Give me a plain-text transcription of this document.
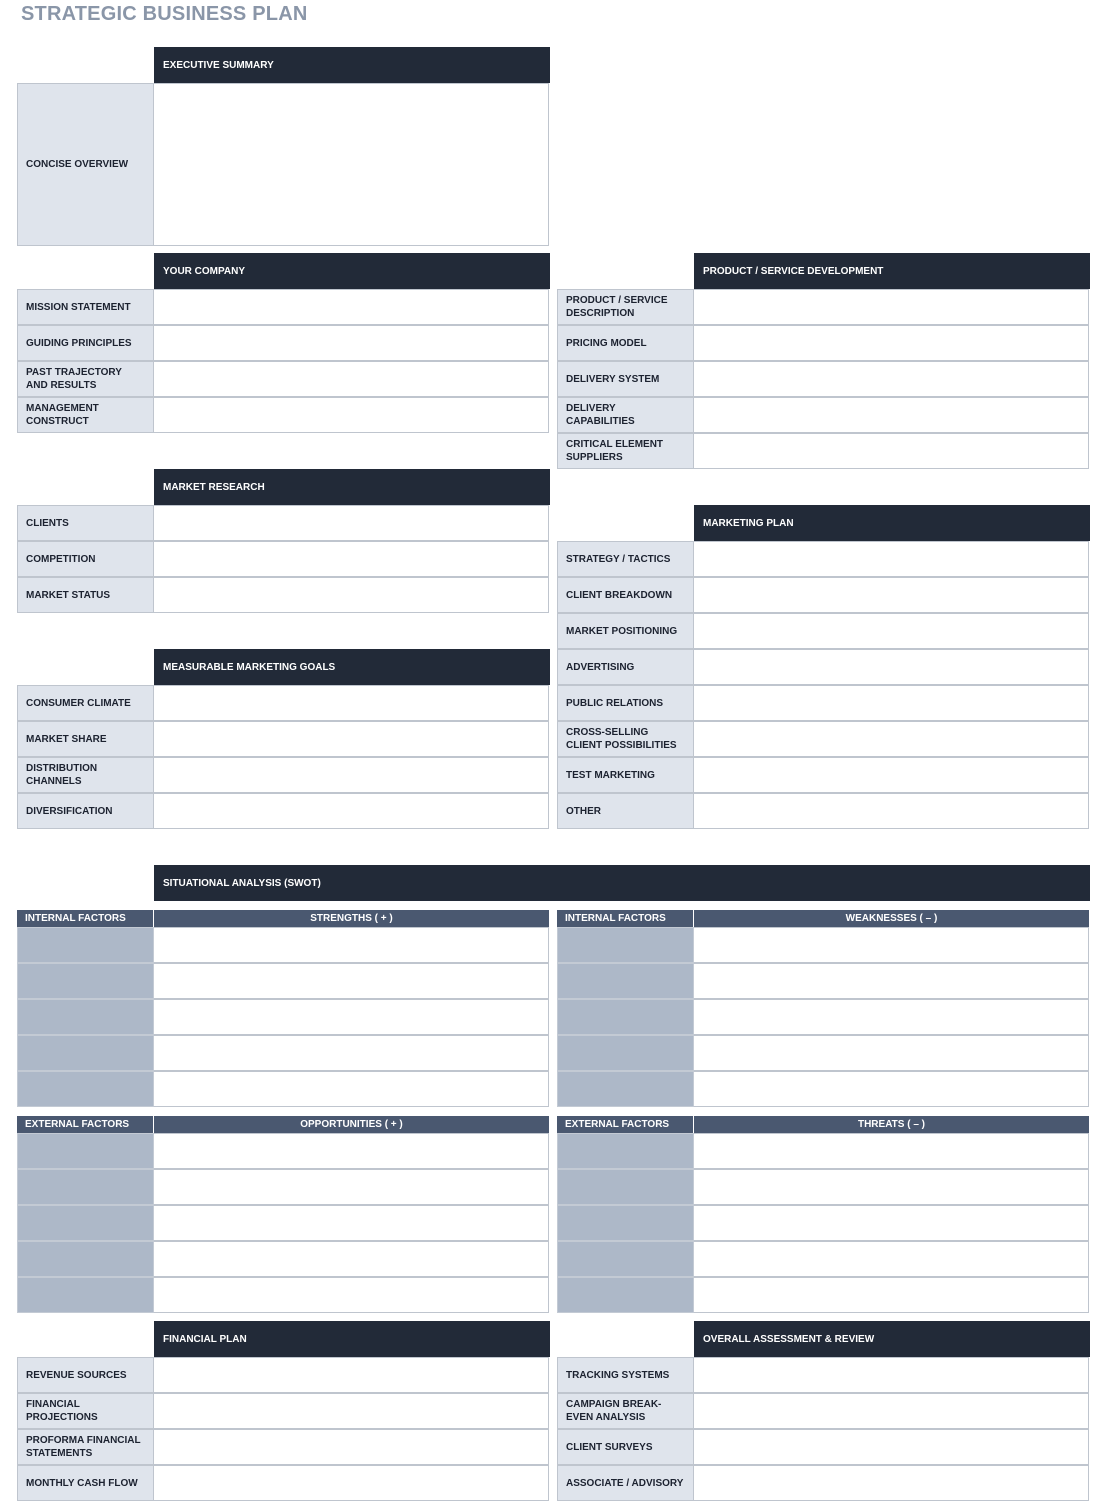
STRATEGIC BUSINESS PLAN
EXECUTIVE SUMMARY
CONCISE OVERVIEW
YOUR COMPANY
MISSION STATEMENT
GUIDING PRINCIPLES
PAST TRAJECTORY AND RESULTS
MANAGEMENT CONSTRUCT
PRODUCT / SERVICE DEVELOPMENT
PRODUCT / SERVICE DESCRIPTION
PRICING MODEL
DELIVERY SYSTEM
DELIVERY CAPABILITIES
CRITICAL ELEMENT SUPPLIERS
MARKET RESEARCH
CLIENTS
COMPETITION
MARKET STATUS
MARKETING PLAN
STRATEGY / TACTICS
CLIENT BREAKDOWN
MARKET POSITIONING
ADVERTISING
PUBLIC RELATIONS
CROSS-SELLING CLIENT POSSIBILITIES
TEST MARKETING
OTHER
MEASURABLE MARKETING GOALS
CONSUMER CLIMATE
MARKET SHARE
DISTRIBUTION CHANNELS
DIVERSIFICATION
SITUATIONAL ANALYSIS (SWOT)
INTERNAL FACTORS	STRENGTHS ( + )	INTERNAL FACTORS	WEAKNESSES ( – )
EXTERNAL FACTORS	OPPORTUNITIES ( + )	EXTERNAL FACTORS	THREATS ( – )
FINANCIAL PLAN
REVENUE SOURCES
FINANCIAL PROJECTIONS
PROFORMA FINANCIAL STATEMENTS
MONTHLY CASH FLOW
OVERALL ASSESSMENT & REVIEW
TRACKING SYSTEMS
CAMPAIGN BREAK-EVEN ANALYSIS
CLIENT SURVEYS
ASSOCIATE / ADVISORY
